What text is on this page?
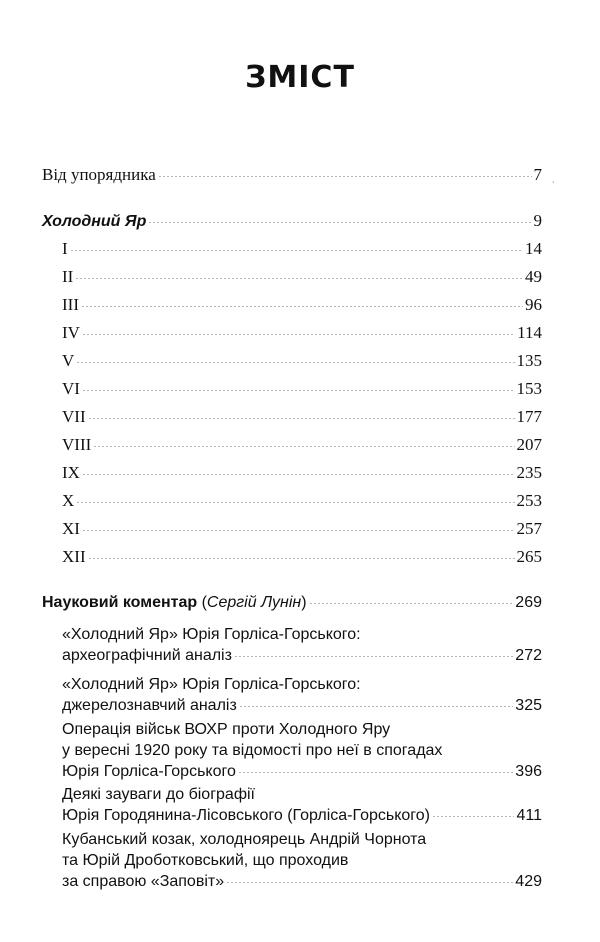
ЗМІСТ
Від упорядника	7 ·
Холодний Яр	9
I	14
II	49
III	96
IV	114
V	135
VI	153
VII	177
VIII	207
IX	235
X	253
XI	257
XII	265
Науковий коментар ( Сергій Лунін )	269
«Холодний Яр» Юрія Горліса-Горського:
археографічний аналіз	272
«Холодний Яр» Юрія Горліса-Горського:
джерелознавчий аналіз	325
Операція військ ВОХР проти Холодного Яру
у вересні 1920 року та відомості про неї в спогадах
Юрія Горліса-Горського	396
Деякі зауваги до біографії
Юрія Городянина-Лісовського (Горліса-Горського)	411
Кубанський козак, холодноярець Андрій Чорнота
та Юрій Дроботковський, що проходив
за справою «Заповіт»	429
